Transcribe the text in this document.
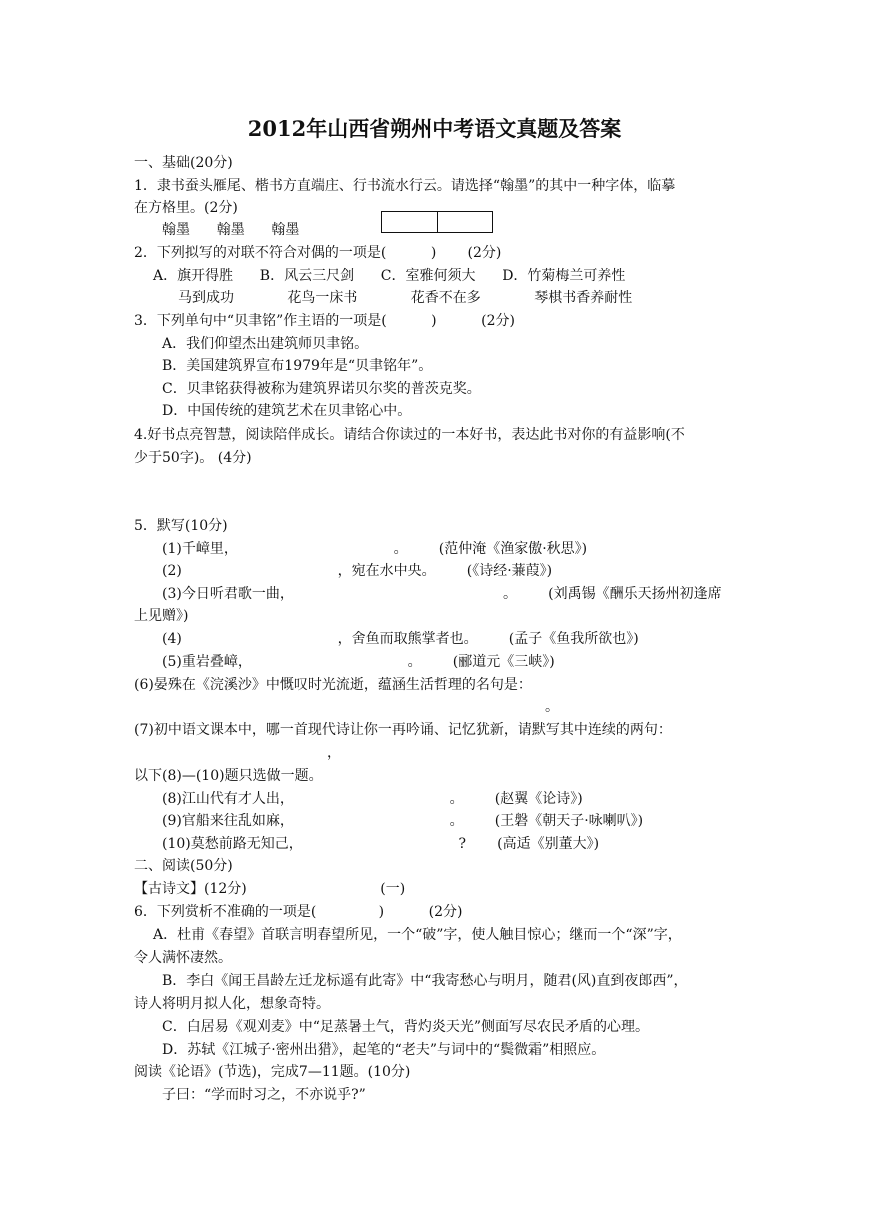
2012年山西省朔州中考语文真题及答案
一、基础(20分)
1．隶书蚕头雁尾、楷书方直端庄、行书流水行云。请选择“翰墨”的其中一种字体，临摹
在方格里。(2分)
翰墨      翰墨      翰墨
2．下列拟写的对联不符合对偶的一项是(          )       (2分)
A．旗开得胜      B．风云三尺剑      C．室雅何须大      D．竹菊梅兰可养性
马到成功            花鸟一床书            花香不在多            琴棋书香养耐性
3．下列单句中“贝聿铭”作主语的一项是(          )          (2分)
A．我们仰望杰出建筑师贝聿铭。
B．美国建筑界宣布1979年是“贝聿铭年”。
C．贝聿铭获得被称为建筑界诺贝尔奖的普茨克奖。
D．中国传统的建筑艺术在贝聿铭心中。
4.好书点亮智慧，阅读陪伴成长。请结合你读过的一本好书，表达此书对你的有益影响(不
少于50字)。 (4分)
5．默写(10分)
(1)千嶂里，                                   。       (范仲淹《渔家傲·秋思》)
(2)                                   ，宛在水中央。       (《诗经·蒹葭》)
(3)今日听君歌一曲，                                               。       (刘禹锡《酬乐天扬州初逢席
上见赠》)
(4)                                   ，舍鱼而取熊掌者也。       (孟子《鱼我所欲也》)
(5)重岩叠嶂，                                   。       (郦道元《三峡》)
(6)晏殊在《浣溪沙》中慨叹时光流逝，蕴涵生活哲理的名句是：
。
(7)初中语文课本中，哪一首现代诗让你一再吟诵、记忆犹新，请默写其中连续的两句：
，
以下(8)—(10)题只选做一题。
(8)江山代有才人出，                                   。       (赵翼《论诗》)
(9)官船来往乱如麻，                                   。       (王磐《朝天子·咏喇叭》)
(10)莫愁前路无知己，                                   ?       (高适《别董大》)
二、阅读(50分)
【古诗文】(12分)                              (一)
6．下列赏析不准确的一项是(              )          (2分)
A．杜甫《春望》首联言明春望所见，一个“破”字，使人触目惊心；继而一个“深”字，
令人满怀凄然。
B．李白《闻王昌龄左迁龙标遥有此寄》中“我寄愁心与明月，随君(风)直到夜郎西”，
诗人将明月拟人化，想象奇特。
C．白居易《观刈麦》中“足蒸暑土气，背灼炎天光”侧面写尽农民矛盾的心理。
D．苏轼《江城子·密州出猎》，起笔的“老夫”与词中的“鬓微霜”相照应。
阅读《论语》(节选)，完成7—11题。(10分)
子曰：“学而时习之，不亦说乎?”
